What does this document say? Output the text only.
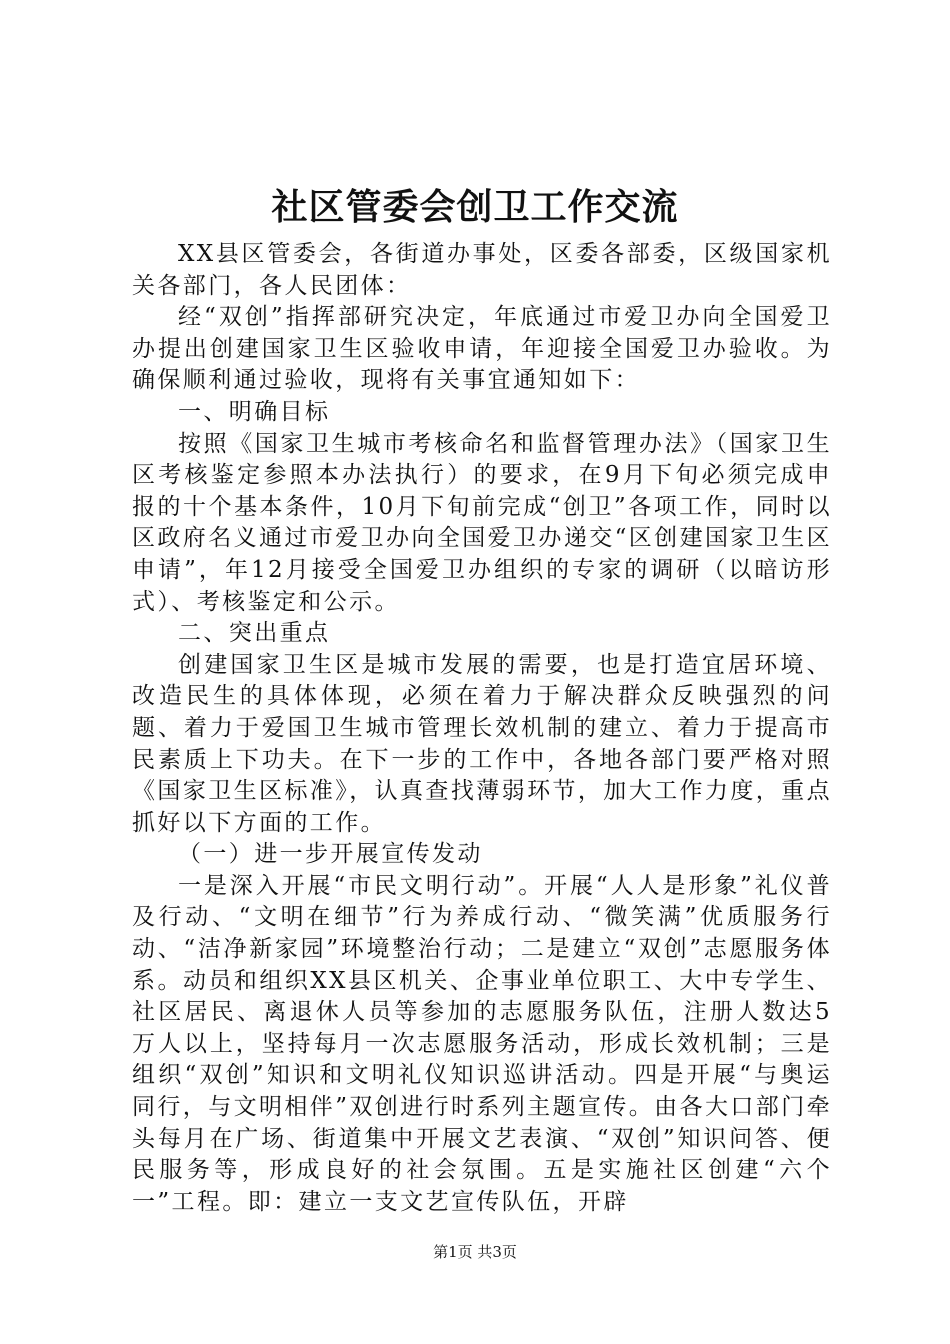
社区管委会创卫工作交流

XX县区管委会，各街道办事处，区委各部委，区级国家机关各部门，各人民团体：

经“双创”指挥部研究决定，年底通过市爱卫办向全国爱卫办提出创建国家卫生区验收申请，年迎接全国爱卫办验收。为确保顺利通过验收，现将有关事宜通知如下：

一、明确目标

按照《国家卫生城市考核命名和监督管理办法》（国家卫生区考核鉴定参照本办法执行）的要求，在9月下旬必须完成申报的十个基本条件，10月下旬前完成“创卫”各项工作，同时以区政府名义通过市爱卫办向全国爱卫办递交“区创建国家卫生区申请”，年12月接受全国爱卫办组织的专家的调研（以暗访形式）、考核鉴定和公示。

二、突出重点

创建国家卫生区是城市发展的需要，也是打造宜居环境、改造民生的具体体现，必须在着力于解决群众反映强烈的问题、着力于爱国卫生城市管理长效机制的建立、着力于提高市民素质上下功夫。在下一步的工作中，各地各部门要严格对照《国家卫生区标准》，认真查找薄弱环节，加大工作力度，重点抓好以下方面的工作。

（一）进一步开展宣传发动

一是深入开展“市民文明行动”。开展“人人是形象”礼仪普及行动、“文明在细节”行为养成行动、“微笑满”优质服务行动、“洁净新家园”环境整治行动；二是建立“双创”志愿服务体系。动员和组织XX县区机关、企事业单位职工、大中专学生、社区居民、离退休人员等参加的志愿服务队伍，注册人数达5万人以上，坚持每月一次志愿服务活动，形成长效机制；三是组织“双创”知识和文明礼仪知识巡讲活动。四是开展“与奥运同行，与文明相伴”双创进行时系列主题宣传。由各大口部门牵头每月在广场、街道集中开展文艺表演、“双创”知识问答、便民服务等，形成良好的社会氛围。五是实施社区创建“六个一”工程。即：建立一支文艺宣传队伍，开辟

第1页 共3页
